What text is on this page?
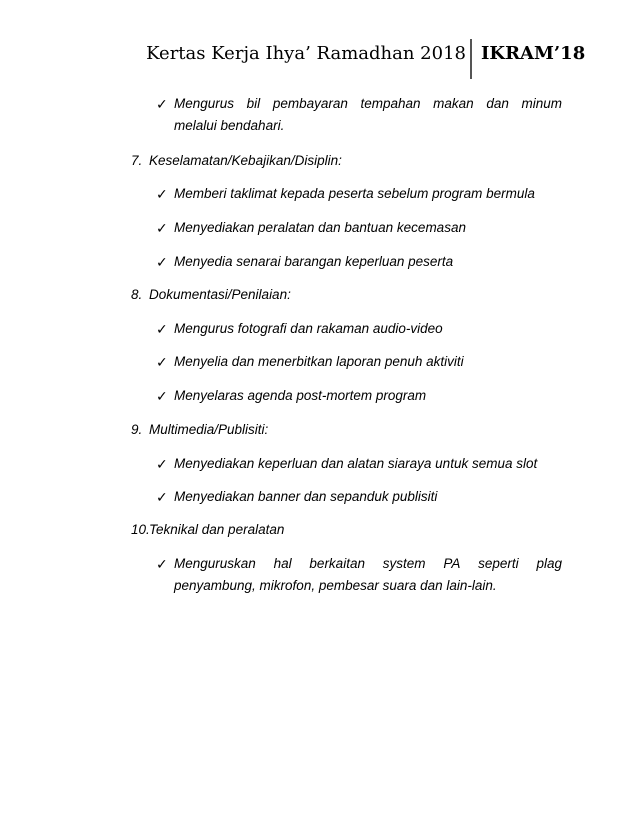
Kertas Kerja Ihya’ Ramadhan 2018 IKRAM’18
✓ Mengurus bil pembayaran tempahan makan dan minum
melalui bendahari.
7. Keselamatan/Kebajikan/Disiplin:
✓ Memberi taklimat kepada peserta sebelum program bermula
✓ Menyediakan peralatan dan bantuan kecemasan
✓ Menyedia senarai barangan keperluan peserta
8. Dokumentasi/Penilaian:
✓ Mengurus fotografi dan rakaman audio-video
✓ Menyelia dan menerbitkan laporan penuh aktiviti
✓ Menyelaras agenda post-mortem program
9. Multimedia/Publisiti:
✓ Menyediakan keperluan dan alatan siaraya untuk semua slot
✓ Menyediakan banner dan sepanduk publisiti
10. Teknikal dan peralatan
✓ Menguruskan hal berkaitan system PA seperti plag
penyambung, mikrofon, pembesar suara dan lain-lain.
